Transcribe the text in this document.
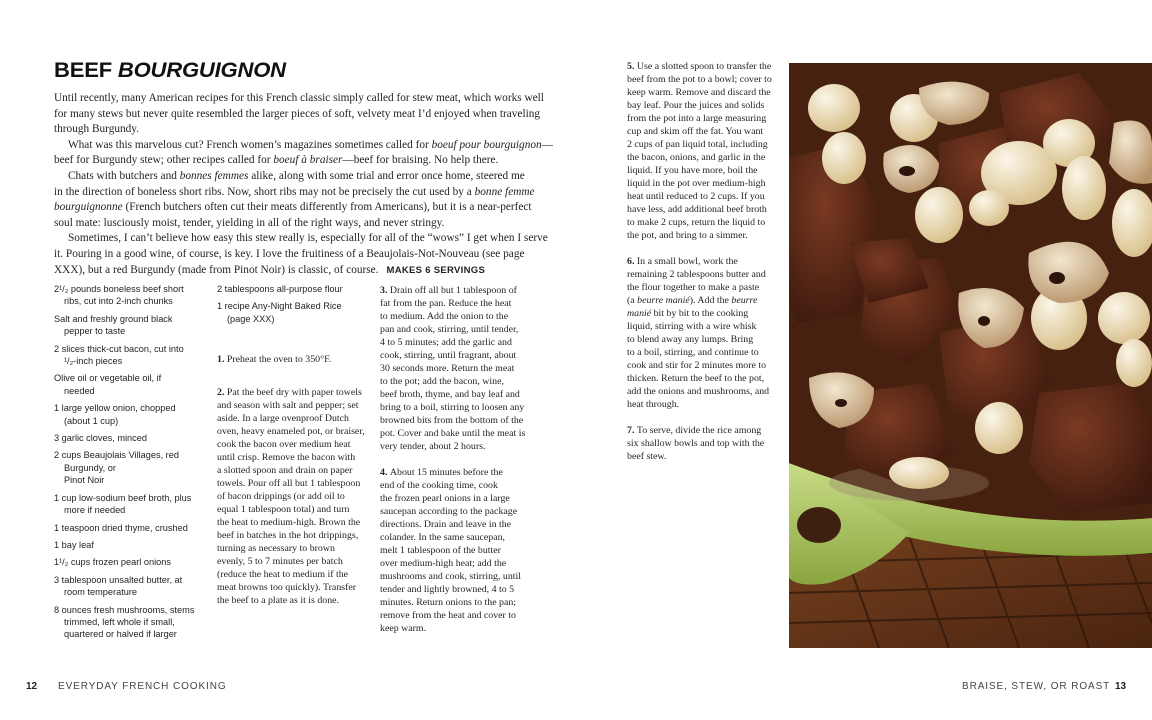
BEEF BOURGUIGNON
Until recently, many American recipes for this French classic simply called for stew meat, which works well
for many stews but never quite resembled the larger pieces of soft, velvety meat I’d enjoyed when traveling
through Burgundy.
What was this marvelous cut? French women’s magazines sometimes called for boeuf pour bourguignon—
beef for Burgundy stew; other recipes called for boeuf à braiser—beef for braising. No help there.
Chats with butchers and bonnes femmes alike, along with some trial and error once home, steered me
in the direction of boneless short ribs. Now, short ribs may not be precisely the cut used by a bonne femme
bourguignonne (French butchers often cut their meats differently from Americans), but it is a near-perfect
soul mate: lusciously moist, tender, yielding in all of the right ways, and never stringy.
Sometimes, I can’t believe how easy this stew really is, especially for all of the “wows” I get when I serve
it. Pouring in a good wine, of course, is key. I love the fruitiness of a Beaujolais-Not-Nouveau (see page
XXX), but a red Burgundy (made from Pinot Noir) is classic, of course. MAKES 6 SERVINGS
2¹/₂ pounds boneless beef short
ribs, cut into 2-inch chunks
Salt and freshly ground black
pepper to taste
2 slices thick-cut bacon, cut into
¹/₂-inch pieces
Olive oil or vegetable oil, if
needed
1 large yellow onion, chopped
(about 1 cup)
3 garlic cloves, minced
2 cups Beaujolais Villages, red
Burgundy, or
Pinot Noir
1 cup low-sodium beef broth, plus
more if needed
1 teaspoon dried thyme, crushed
1 bay leaf
1¹/₂ cups frozen pearl onions
3 tablespoon unsalted butter, at
room temperature
8 ounces fresh mushrooms, stems
trimmed, left whole if small,
quartered or halved if larger
2 tablespoons all-purpose flour
1 recipe Any-Night Baked Rice
(page XXX)
1. Preheat the oven to 350°F.
2. Pat the beef dry with paper towels
and season with salt and pepper; set
aside. In a large ovenproof Dutch
oven, heavy enameled pot, or braiser,
cook the bacon over medium heat
until crisp. Remove the bacon with
a slotted spoon and drain on paper
towels. Pour off all but 1 tablespoon
of bacon drippings (or add oil to
equal 1 tablespoon total) and turn
the heat to medium-high. Brown the
beef in batches in the hot drippings,
turning as necessary to brown
evenly, 5 to 7 minutes per batch
(reduce the heat to medium if the
meat browns too quickly). Transfer
the beef to a plate as it is done.
3. Drain off all but 1 tablespoon of
fat from the pan. Reduce the heat
to medium. Add the onion to the
pan and cook, stirring, until tender,
4 to 5 minutes; add the garlic and
cook, stirring, until fragrant, about
30 seconds more. Return the meat
to the pot; add the bacon, wine,
beef broth, thyme, and bay leaf and
bring to a boil, stirring to loosen any
browned bits from the bottom of the
pot. Cover and bake until the meat is
very tender, about 2 hours.
4. About 15 minutes before the
end of the cooking time, cook
the frozen pearl onions in a large
saucepan according to the package
directions. Drain and leave in the
colander. In the same saucepan,
melt 1 tablespoon of the butter
over medium-high heat; add the
mushrooms and cook, stirring, until
tender and lightly browned, 4 to 5
minutes. Return onions to the pan;
remove from the heat and cover to
keep warm.
5. Use a slotted spoon to transfer the
beef from the pot to a bowl; cover to
keep warm. Remove and discard the
bay leaf. Pour the juices and solids
from the pot into a large measuring
cup and skim off the fat. You want
2 cups of pan liquid total, including
the bacon, onions, and garlic in the
liquid. If you have more, boil the
liquid in the pot over medium-high
heat until reduced to 2 cups. If you
have less, add additional beef broth
to make 2 cups, return the liquid to
the pot, and bring to a simmer.
6. In a small bowl, work the
remaining 2 tablespoons butter and
the flour together to make a paste
(a beurre manié). Add the beurre
manié bit by bit to the cooking
liquid, stirring with a wire whisk
to blend away any lumps. Bring
to a boil, stirring, and continue to
cook and stir for 2 minutes more to
thicken. Return the beef to the pot,
add the onions and mushrooms, and
heat through.
7. To serve, divide the rice among
six shallow bowls and top with the
beef stew.
12 EVERYDAY FRENCH COOKING	BRAISE, STEW, OR ROAST 13
